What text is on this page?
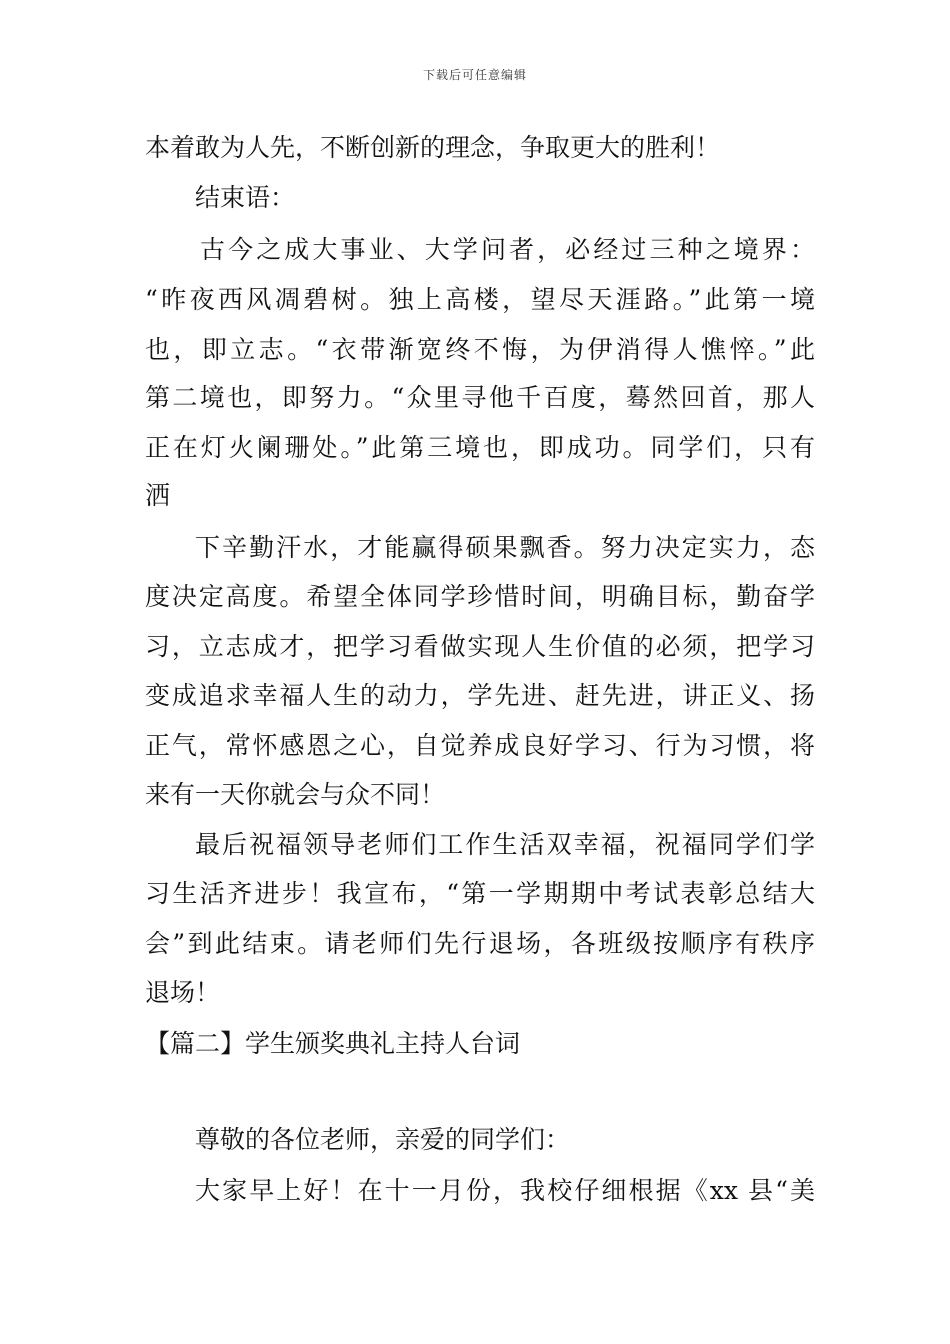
下载后可任意编辑
本着敢为人先，不断创新的理念，争取更大的胜利！
结束语：
古今之成大事业、大学问者，必经过三种之境界：
“昨夜西风凋碧树。独上高楼，望尽天涯路。”此第一境
也，即立志。“衣带渐宽终不悔，为伊消得人憔悴。”此
第二境也，即努力。“众里寻他千百度，蓦然回首，那人
正在灯火阑珊处。”此第三境也，即成功。同学们，只有
洒
下辛勤汗水，才能赢得硕果飘香。努力决定实力，态
度决定高度。希望全体同学珍惜时间，明确目标，勤奋学
习，立志成才，把学习看做实现人生价值的必须，把学习
变成追求幸福人生的动力，学先进、赶先进，讲正义、扬
正气，常怀感恩之心，自觉养成良好学习、行为习惯，将
来有一天你就会与众不同！
最后祝福领导老师们工作生活双幸福，祝福同学们学
习生活齐进步！我宣布，“第一学期期中考试表彰总结大
会”到此结束。请老师们先行退场，各班级按顺序有秩序
退场！
【篇二】学生颁奖典礼主持人台词
尊敬的各位老师，亲爱的同学们：
大家早上好！在十一月份，我校仔细根据《xx 县“美
